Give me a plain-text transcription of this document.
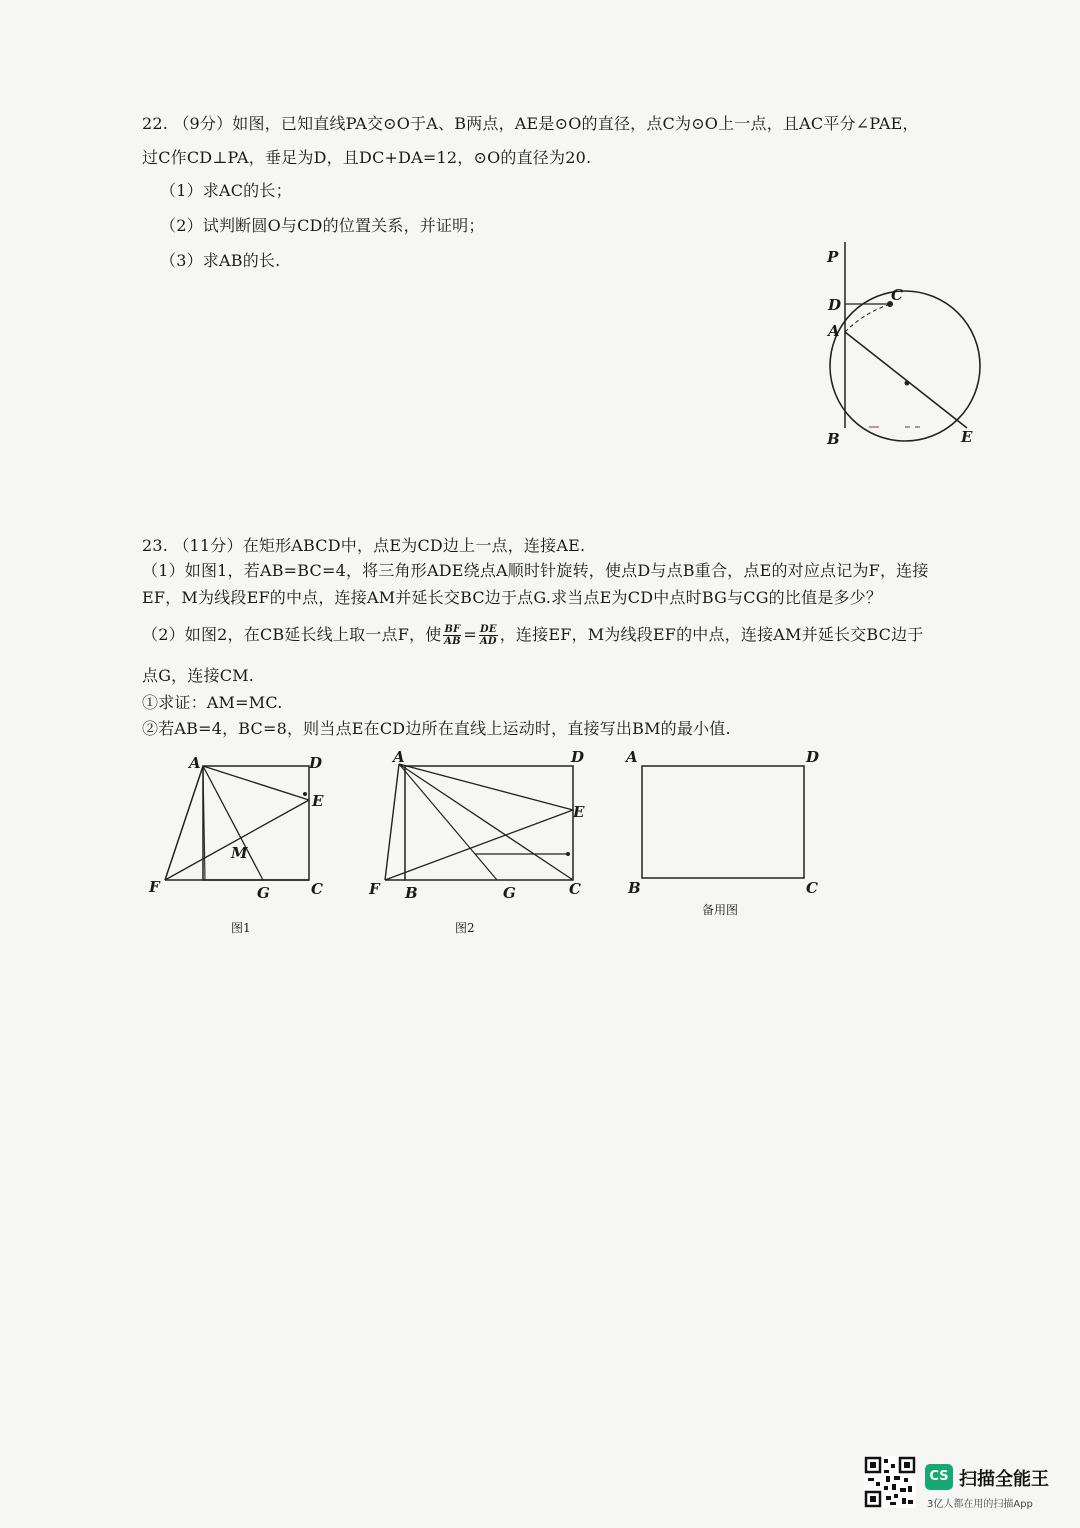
22. （9分）如图，已知直线PA交⊙O于A、B两点，AE是⊙O的直径，点C为⊙O上一点，且AC平分∠PAE，
过C作CD⊥PA，垂足为D，且DC+DA=12，⊙O的直径为20.
（1）求AC的长；
（2）试判断圆O与CD的位置关系，并证明；
（3）求AB的长.	P
D
C
A
B	E
23. （11分）在矩形ABCD中，点E为CD边上一点，连接AE.
（1）如图1，若AB=BC=4，将三角形ADE绕点A顺时针旋转，使点D与点B重合，点E的对应点记为F，连接
EF，M为线段EF的中点，连接AM并延长交BC边于点G.求当点E为CD中点时BG与CG的比值是多少？
（2）如图2，在CB延长线上取一点F，使 $\frac{BF}{AB} = \frac{DE}{AD}$ ，连接EF，M为线段EF的中点，连接AM并延长交BC边于
点G，连接CM.
①求证：AM=MC.
②若AB=4，BC=8，则当点E在CD边所在直线上运动时，直接写出BM的最小值.
A	D
E
M
F	G	C
图1
A	D
E
F B	G	C
图2
A	D
B	C
备用图
CS 扫描全能王
3亿人都在用的扫描App
